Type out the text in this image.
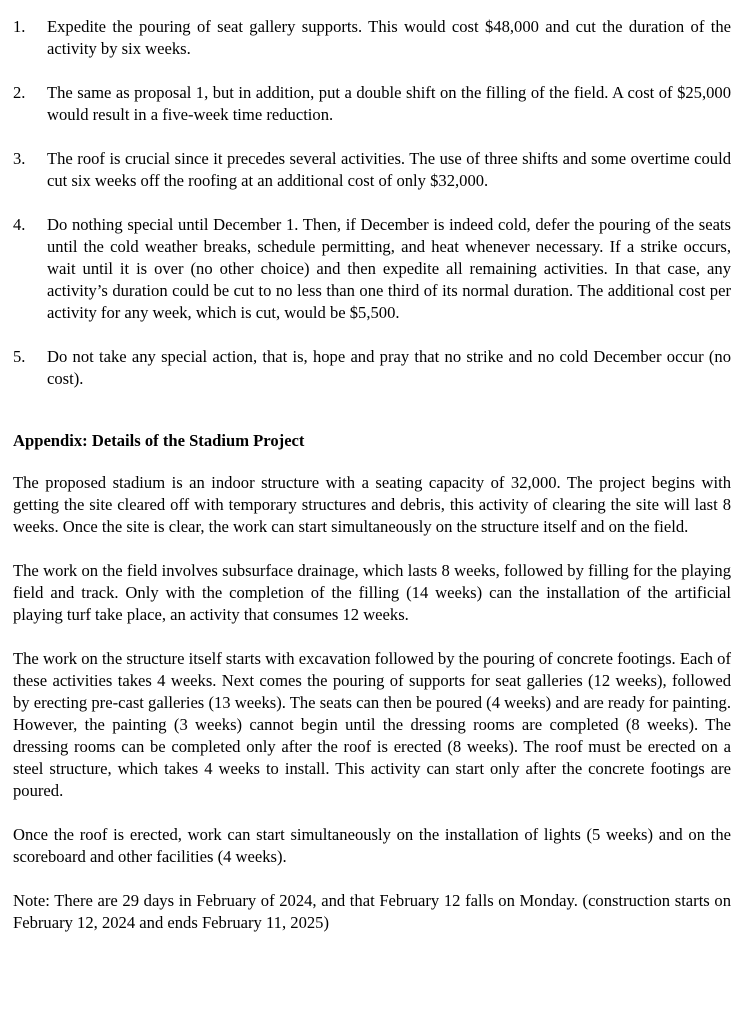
1. Expedite the pouring of seat gallery supports. This would cost $48,000 and cut the duration of the activity by six weeks.
2. The same as proposal 1, but in addition, put a double shift on the filling of the field. A cost of $25,000 would result in a five-week time reduction.
3. The roof is crucial since it precedes several activities. The use of three shifts and some overtime could cut six weeks off the roofing at an additional cost of only $32,000.
4. Do nothing special until December 1. Then, if December is indeed cold, defer the pouring of the seats until the cold weather breaks, schedule permitting, and heat whenever necessary. If a strike occurs, wait until it is over (no other choice) and then expedite all remaining activities. In that case, any activity’s duration could be cut to no less than one third of its normal duration. The additional cost per activity for any week, which is cut, would be $5,500.
5. Do not take any special action, that is, hope and pray that no strike and no cold December occur (no cost).
Appendix: Details of the Stadium Project

The proposed stadium is an indoor structure with a seating capacity of 32,000. The project begins with getting the site cleared off with temporary structures and debris, this activity of clearing the site will last 8 weeks. Once the site is clear, the work can start simultaneously on the structure itself and on the field.

The work on the field involves subsurface drainage, which lasts 8 weeks, followed by filling for the playing field and track. Only with the completion of the filling (14 weeks) can the installation of the artificial playing turf take place, an activity that consumes 12 weeks.

The work on the structure itself starts with excavation followed by the pouring of concrete footings. Each of these activities takes 4 weeks. Next comes the pouring of supports for seat galleries (12 weeks), followed by erecting pre-cast galleries (13 weeks). The seats can then be poured (4 weeks) and are ready for painting. However, the painting (3 weeks) cannot begin until the dressing rooms are completed (8 weeks). The dressing rooms can be completed only after the roof is erected (8 weeks). The roof must be erected on a steel structure, which takes 4 weeks to install. This activity can start only after the concrete footings are poured.

Once the roof is erected, work can start simultaneously on the installation of lights (5 weeks) and on the scoreboard and other facilities (4 weeks).

Note: There are 29 days in February of 2024, and that February 12 falls on Monday. (construction starts on February 12, 2024 and ends February 11, 2025)
